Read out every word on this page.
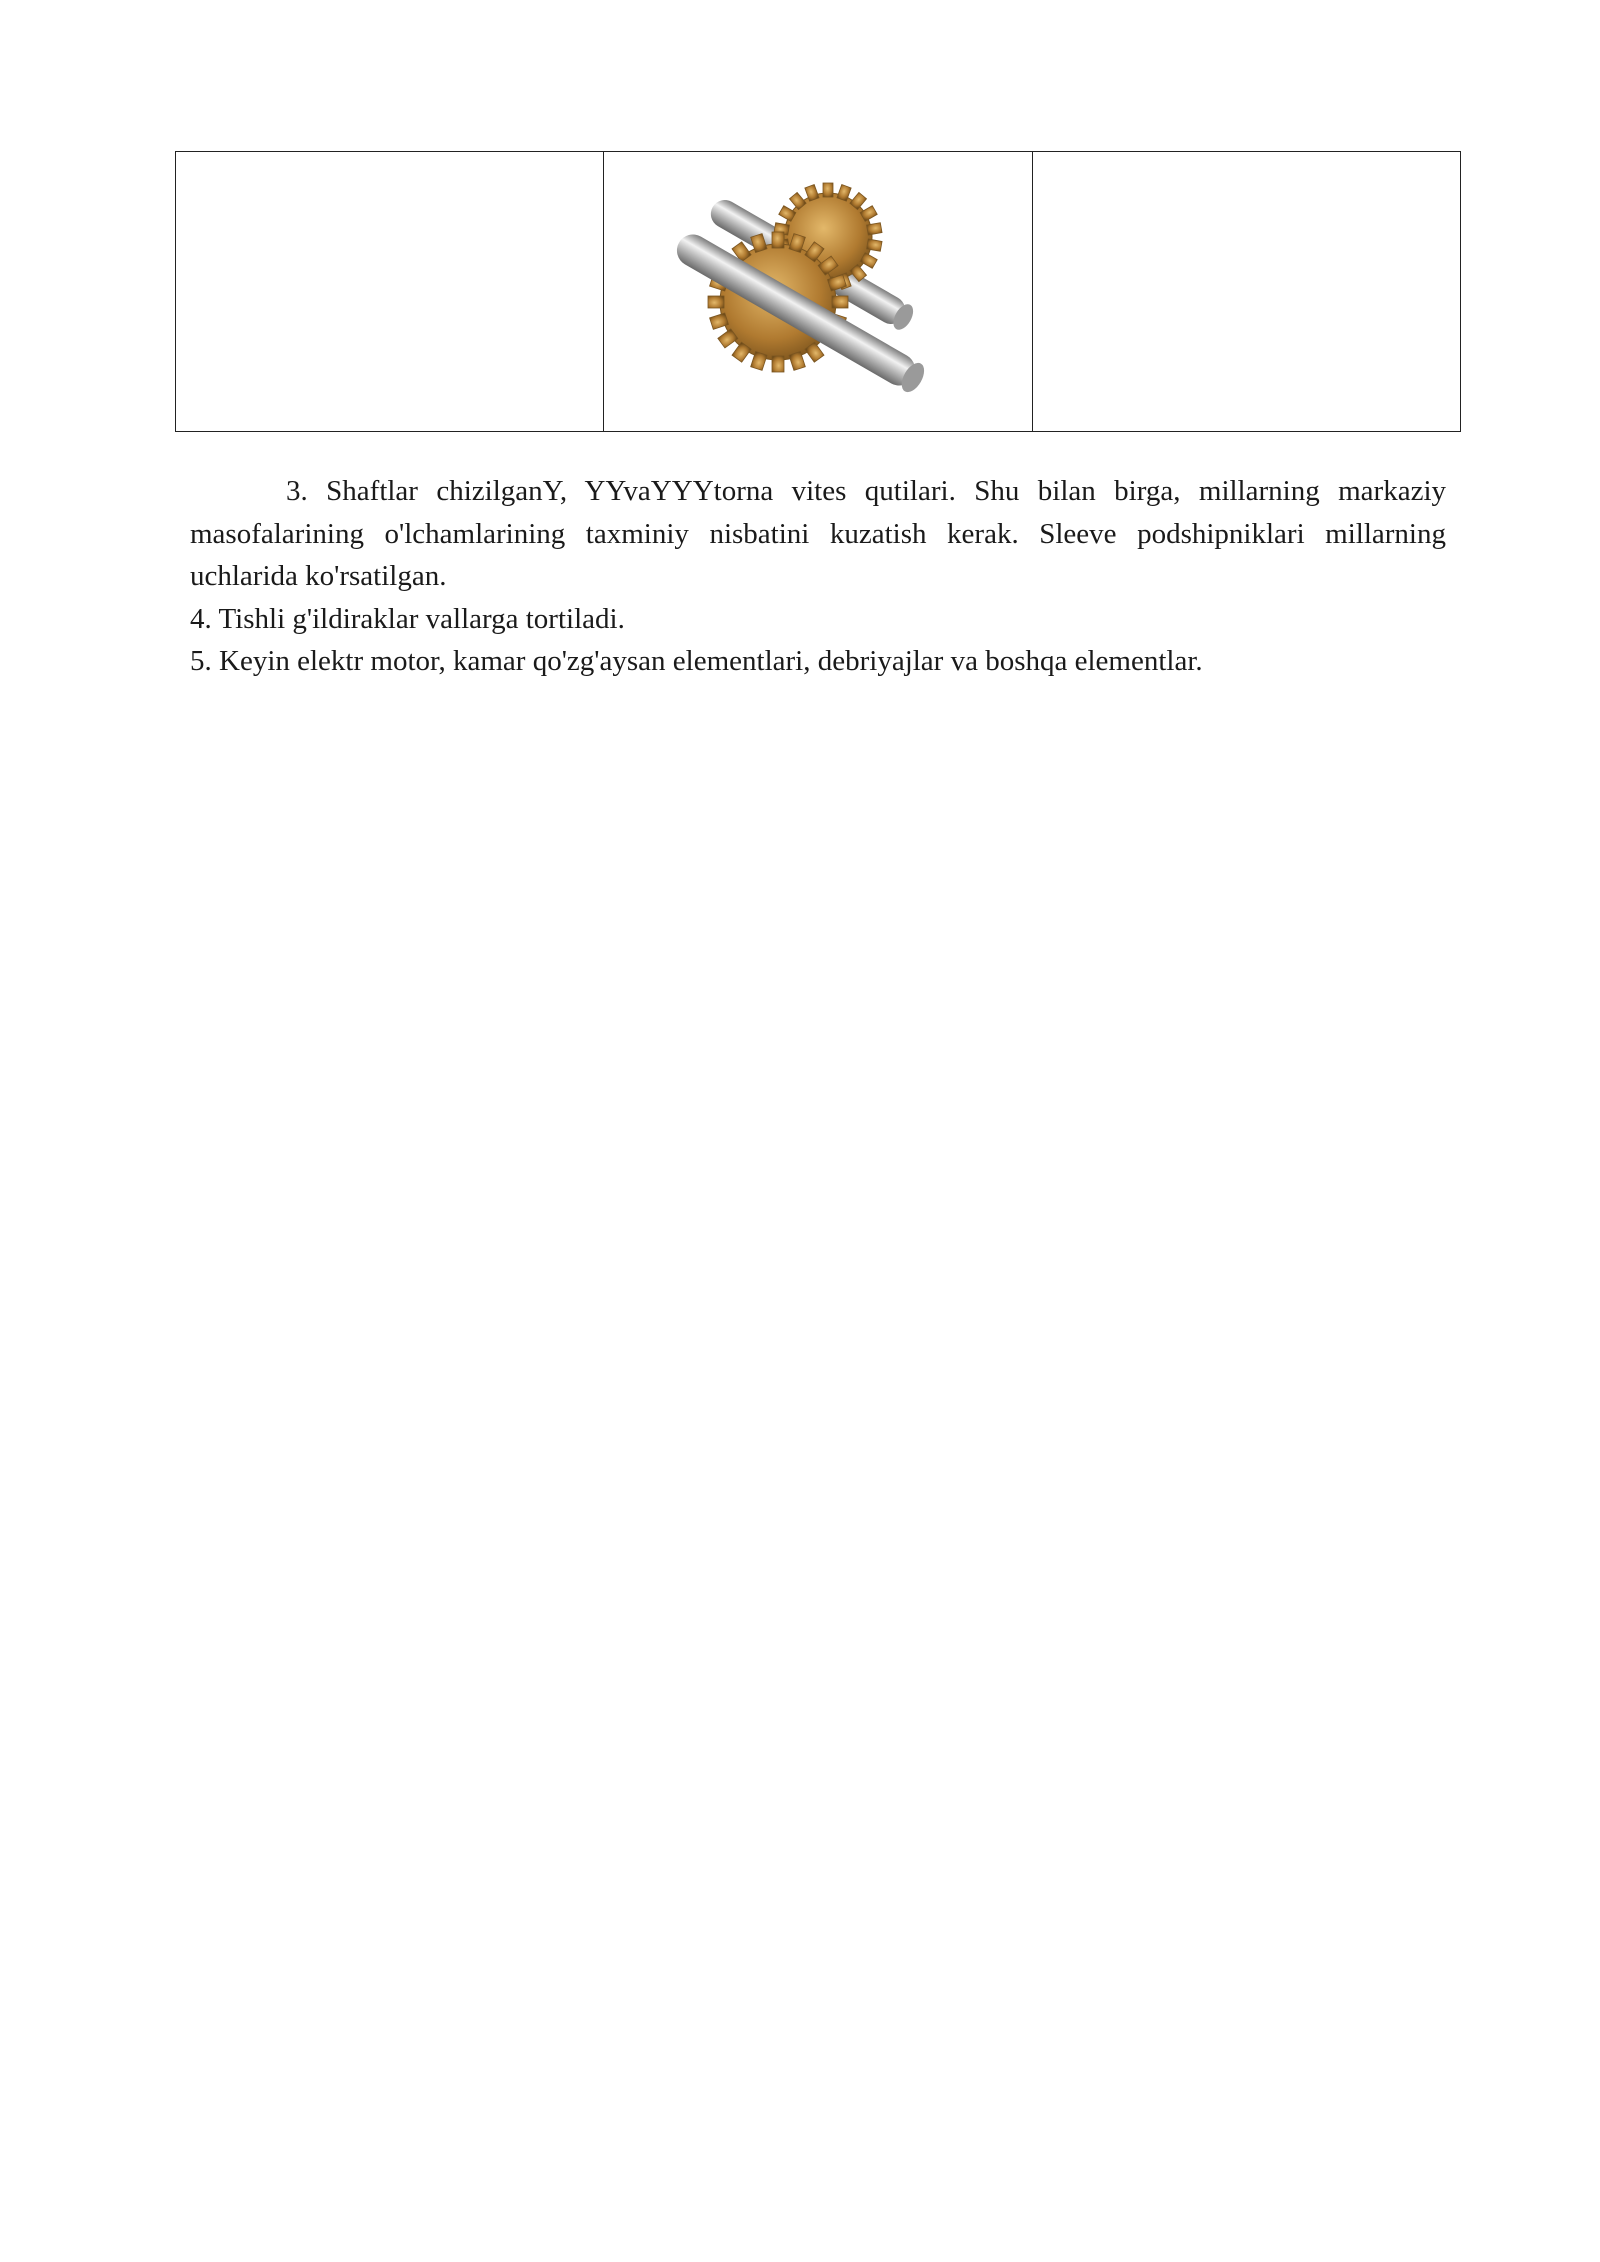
3. Shaftlar chizilganY, YYvaYYYtorna vites qutilari. Shu bilan birga, millarning markaziy masofalarining o'lchamlarining taxminiy nisbatini kuzatish kerak. Sleeve podshipniklari millarning uchlarida ko'rsatilgan.

4. Tishli g'ildiraklar vallarga tortiladi.

5. Keyin elektr motor, kamar qo'zg'aysan elementlari, debriyajlar va boshqa elementlar.
